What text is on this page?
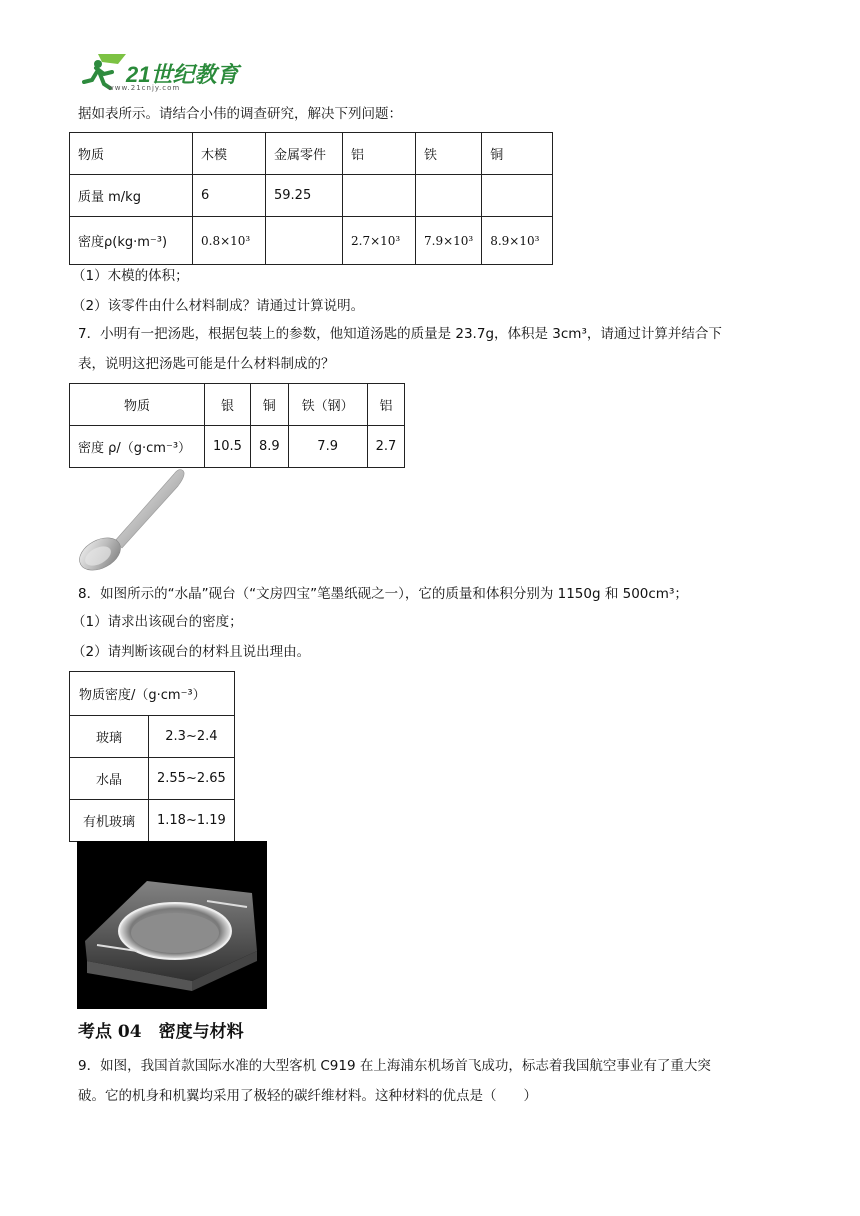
21世纪教育
www.21cnjy.com
据如表所示。请结合小伟的调查研究，解决下列问题：
物质	木模	金属零件	铝	铁	铜
质量 m/kg	6	59.25			
密度ρ(kg·m⁻³)	0.8×10³		2.7×10³	7.9×10³	8.9×10³
（1）木模的体积；
（2）该零件由什么材料制成？请通过计算说明。
7．小明有一把汤匙，根据包装上的参数，他知道汤匙的质量是 23.7g，体积是 3cm³，请通过计算并结合下
表，说明这把汤匙可能是什么材料制成的？
物质	银	铜	铁（钢）	铝
密度 ρ/（g·cm⁻³）	10.5	8.9	7.9	2.7
8．如图所示的“水晶”砚台（“文房四宝”笔墨纸砚之一），它的质量和体积分别为 1150g 和 500cm³；
（1）请求出该砚台的密度；
（2）请判断该砚台的材料且说出理由。
物质密度/（g·cm⁻³）	
玻璃	2.3~2.4
水晶	2.55~2.65
有机玻璃	1.18~1.19
考点 04　密度与材料
9．如图，我国首款国际水准的大型客机 C919 在上海浦东机场首飞成功，标志着我国航空事业有了重大突
破。它的机身和机翼均采用了极轻的碳纤维材料。这种材料的优点是（　　）
